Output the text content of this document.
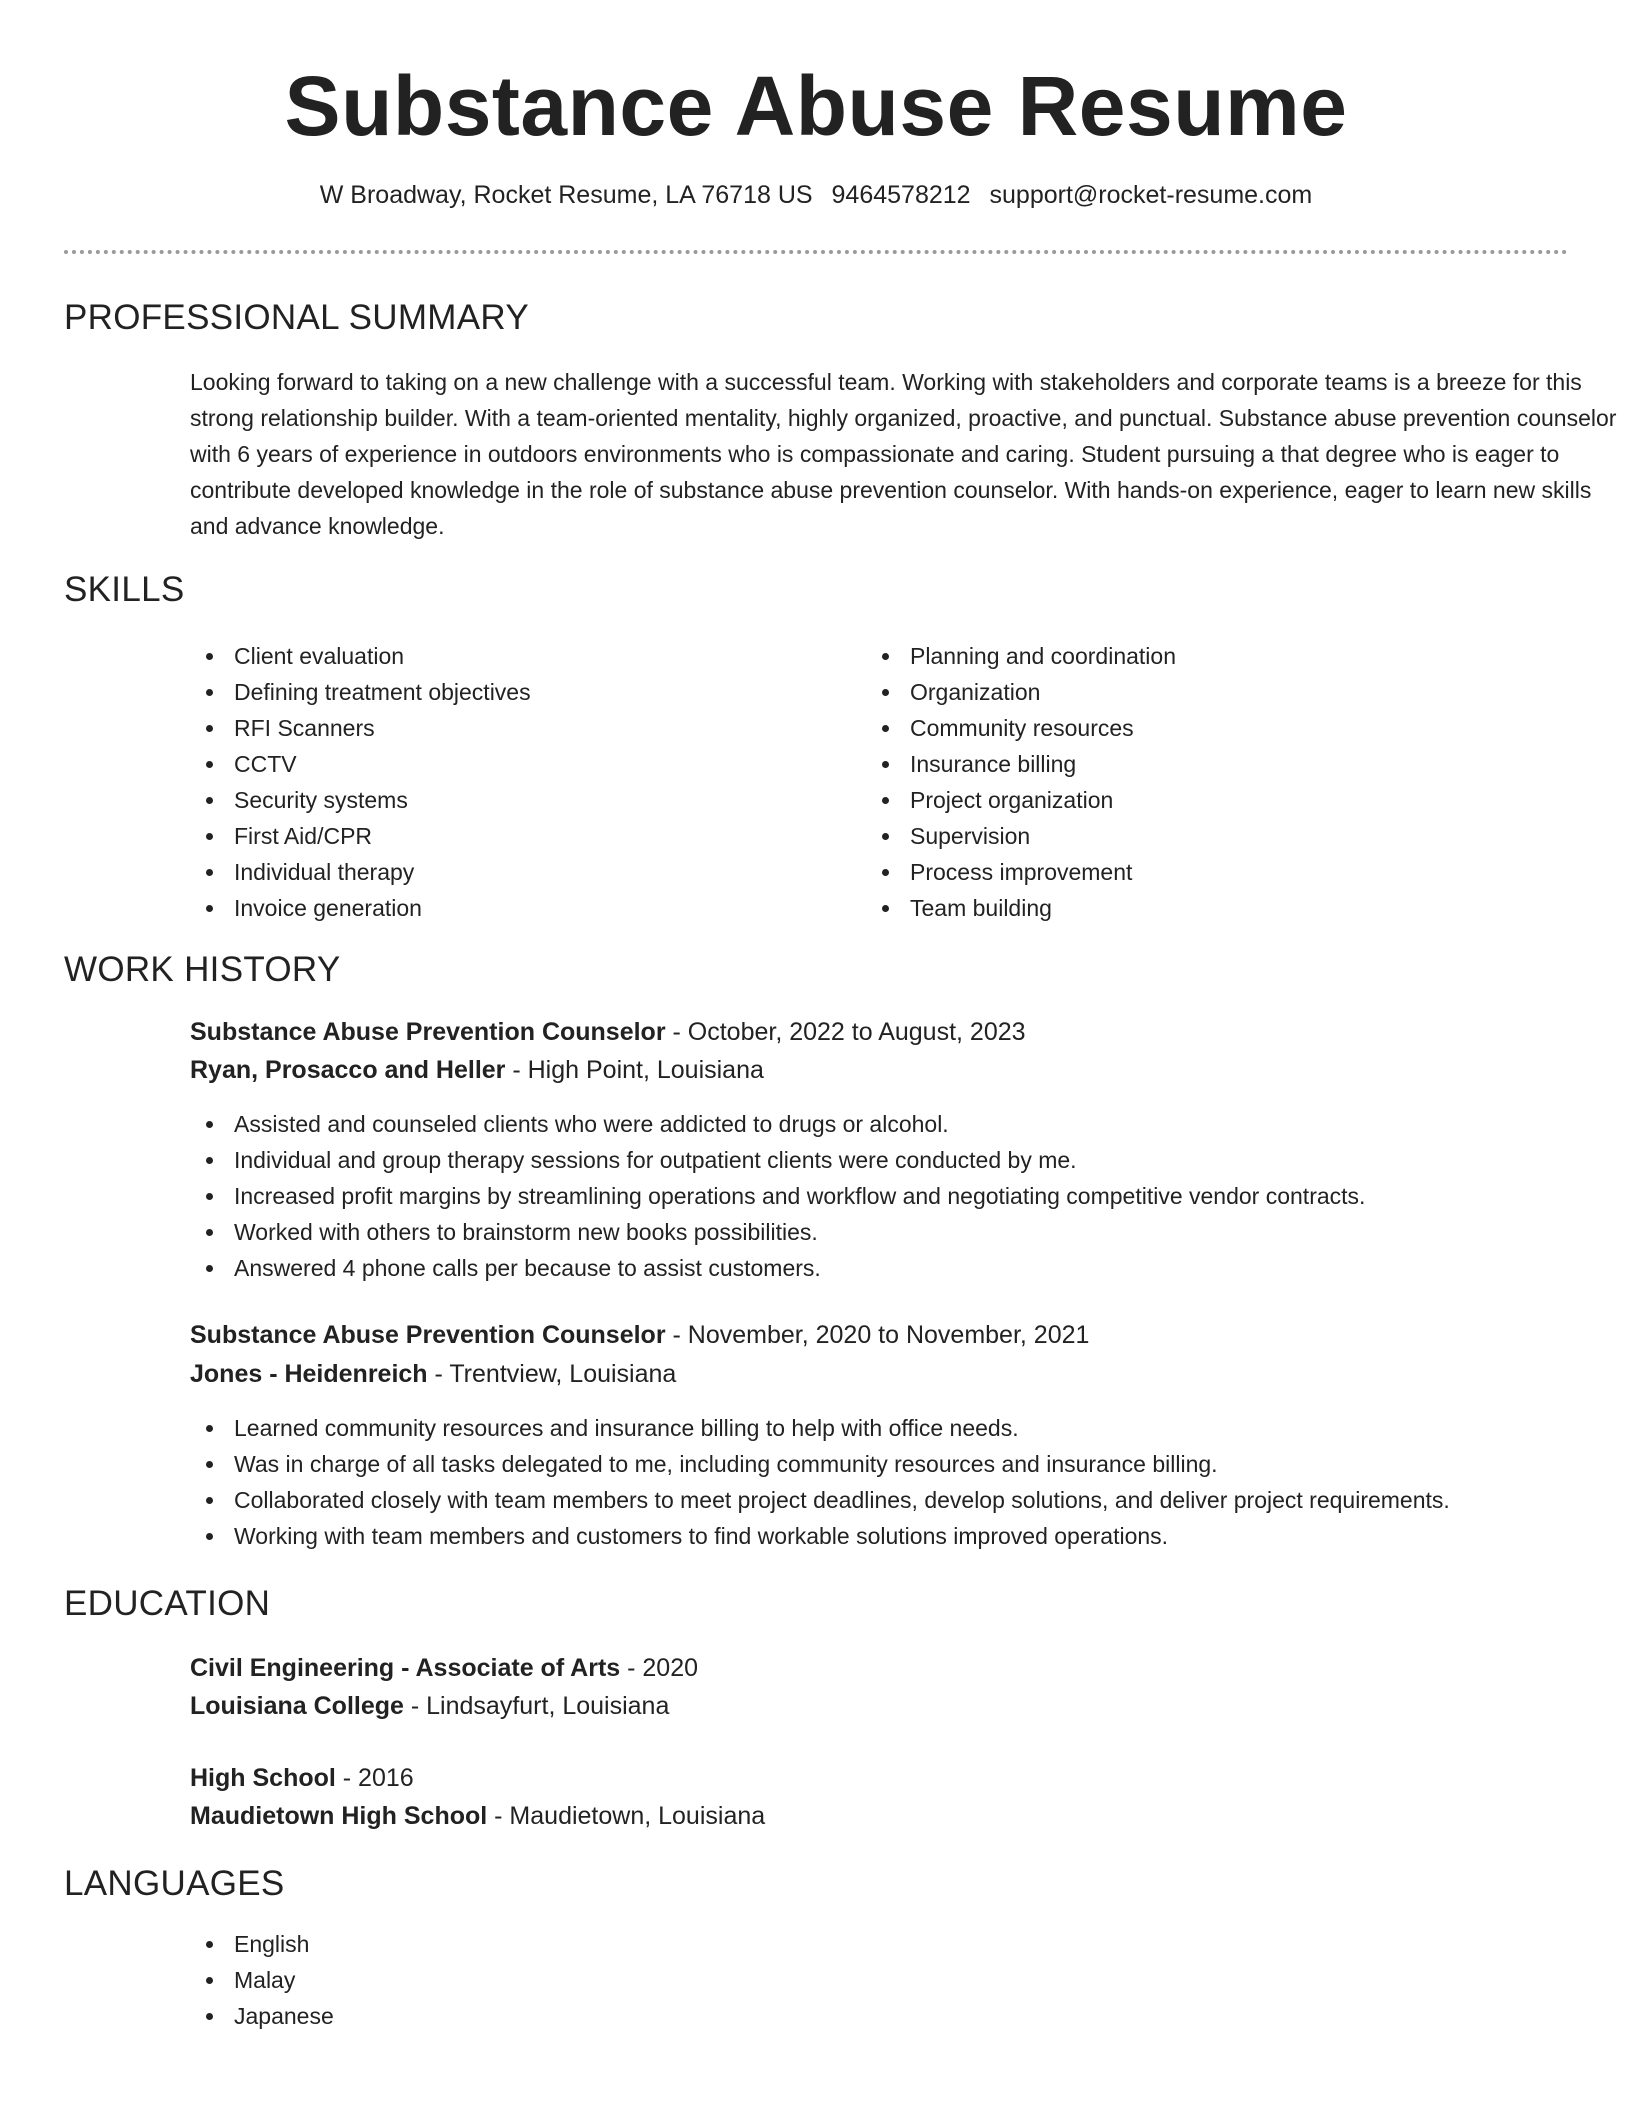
Substance Abuse Resume
W Broadway, Rocket Resume, LA 76718 US 9464578212 support@rocket-resume.com
PROFESSIONAL SUMMARY

Looking forward to taking on a new challenge with a successful team. Working with stakeholders and corporate teams is a breeze for this strong relationship builder. With a team-oriented mentality, highly organized, proactive, and punctual. Substance abuse prevention counselor with 6 years of experience in outdoors environments who is compassionate and caring. Student pursuing a that degree who is eager to contribute developed knowledge in the role of substance abuse prevention counselor. With hands-on experience, eager to learn new skills and advance knowledge.

SKILLS
Client evaluation
Defining treatment objectives
RFI Scanners
CCTV
Security systems
First Aid/CPR
Individual therapy
Invoice generation
Planning and coordination
Organization
Community resources
Insurance billing
Project organization
Supervision
Process improvement
Team building
WORK HISTORY
Substance Abuse Prevention Counselor - October, 2022 to August, 2023
Ryan, Prosacco and Heller - High Point, Louisiana
Assisted and counseled clients who were addicted to drugs or alcohol.
Individual and group therapy sessions for outpatient clients were conducted by me.
Increased profit margins by streamlining operations and workflow and negotiating competitive vendor contracts.
Worked with others to brainstorm new books possibilities.
Answered 4 phone calls per because to assist customers.
Substance Abuse Prevention Counselor - November, 2020 to November, 2021
Jones - Heidenreich - Trentview, Louisiana
Learned community resources and insurance billing to help with office needs.
Was in charge of all tasks delegated to me, including community resources and insurance billing.
Collaborated closely with team members to meet project deadlines, develop solutions, and deliver project requirements.
Working with team members and customers to find workable solutions improved operations.
EDUCATION
Civil Engineering - Associate of Arts - 2020
Louisiana College - Lindsayfurt, Louisiana
High School - 2016
Maudietown High School - Maudietown, Louisiana
LANGUAGES
English
Malay
Japanese
